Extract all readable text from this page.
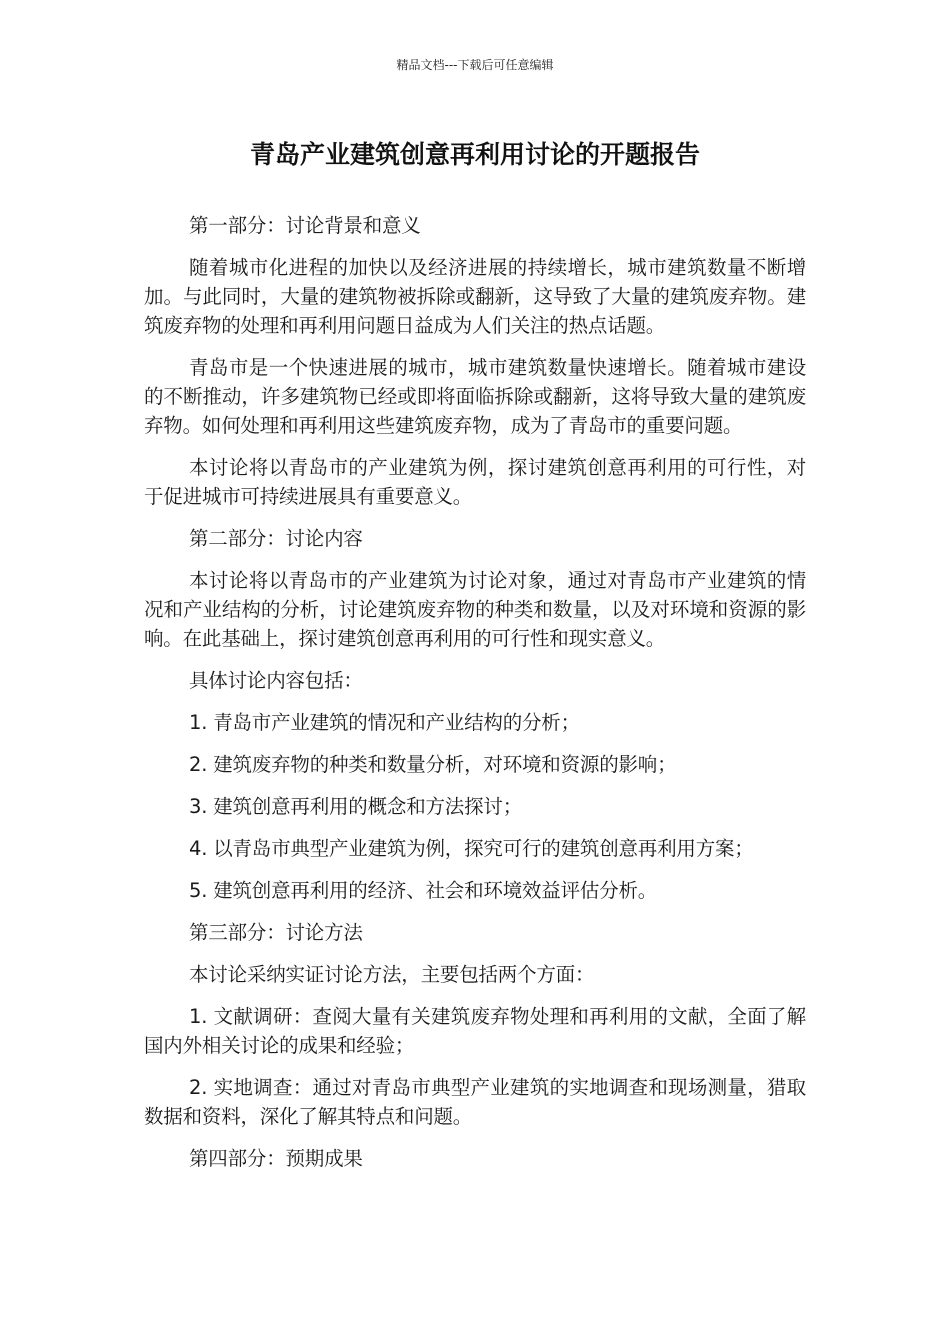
精品文档---下载后可任意编辑
青岛产业建筑创意再利用讨论的开题报告

第一部分：讨论背景和意义

随着城市化进程的加快以及经济进展的持续增长，城市建筑数量不断增加。与此同时，大量的建筑物被拆除或翻新，这导致了大量的建筑废弃物。建筑废弃物的处理和再利用问题日益成为人们关注的热点话题。

青岛市是一个快速进展的城市，城市建筑数量快速增长。随着城市建设的不断推动，许多建筑物已经或即将面临拆除或翻新，这将导致大量的建筑废弃物。如何处理和再利用这些建筑废弃物，成为了青岛市的重要问题。

本讨论将以青岛市的产业建筑为例，探讨建筑创意再利用的可行性，对于促进城市可持续进展具有重要意义。

第二部分：讨论内容

本讨论将以青岛市的产业建筑为讨论对象，通过对青岛市产业建筑的情况和产业结构的分析，讨论建筑废弃物的种类和数量，以及对环境和资源的影响。在此基础上，探讨建筑创意再利用的可行性和现实意义。

具体讨论内容包括：

1. 青岛市产业建筑的情况和产业结构的分析；

2. 建筑废弃物的种类和数量分析，对环境和资源的影响；

3. 建筑创意再利用的概念和方法探讨；

4. 以青岛市典型产业建筑为例，探究可行的建筑创意再利用方案；

5. 建筑创意再利用的经济、社会和环境效益评估分析。

第三部分：讨论方法

本讨论采纳实证讨论方法，主要包括两个方面：

1. 文献调研：查阅大量有关建筑废弃物处理和再利用的文献，全面了解国内外相关讨论的成果和经验；

2. 实地调查：通过对青岛市典型产业建筑的实地调查和现场测量，猎取数据和资料，深化了解其特点和问题。

第四部分：预期成果
